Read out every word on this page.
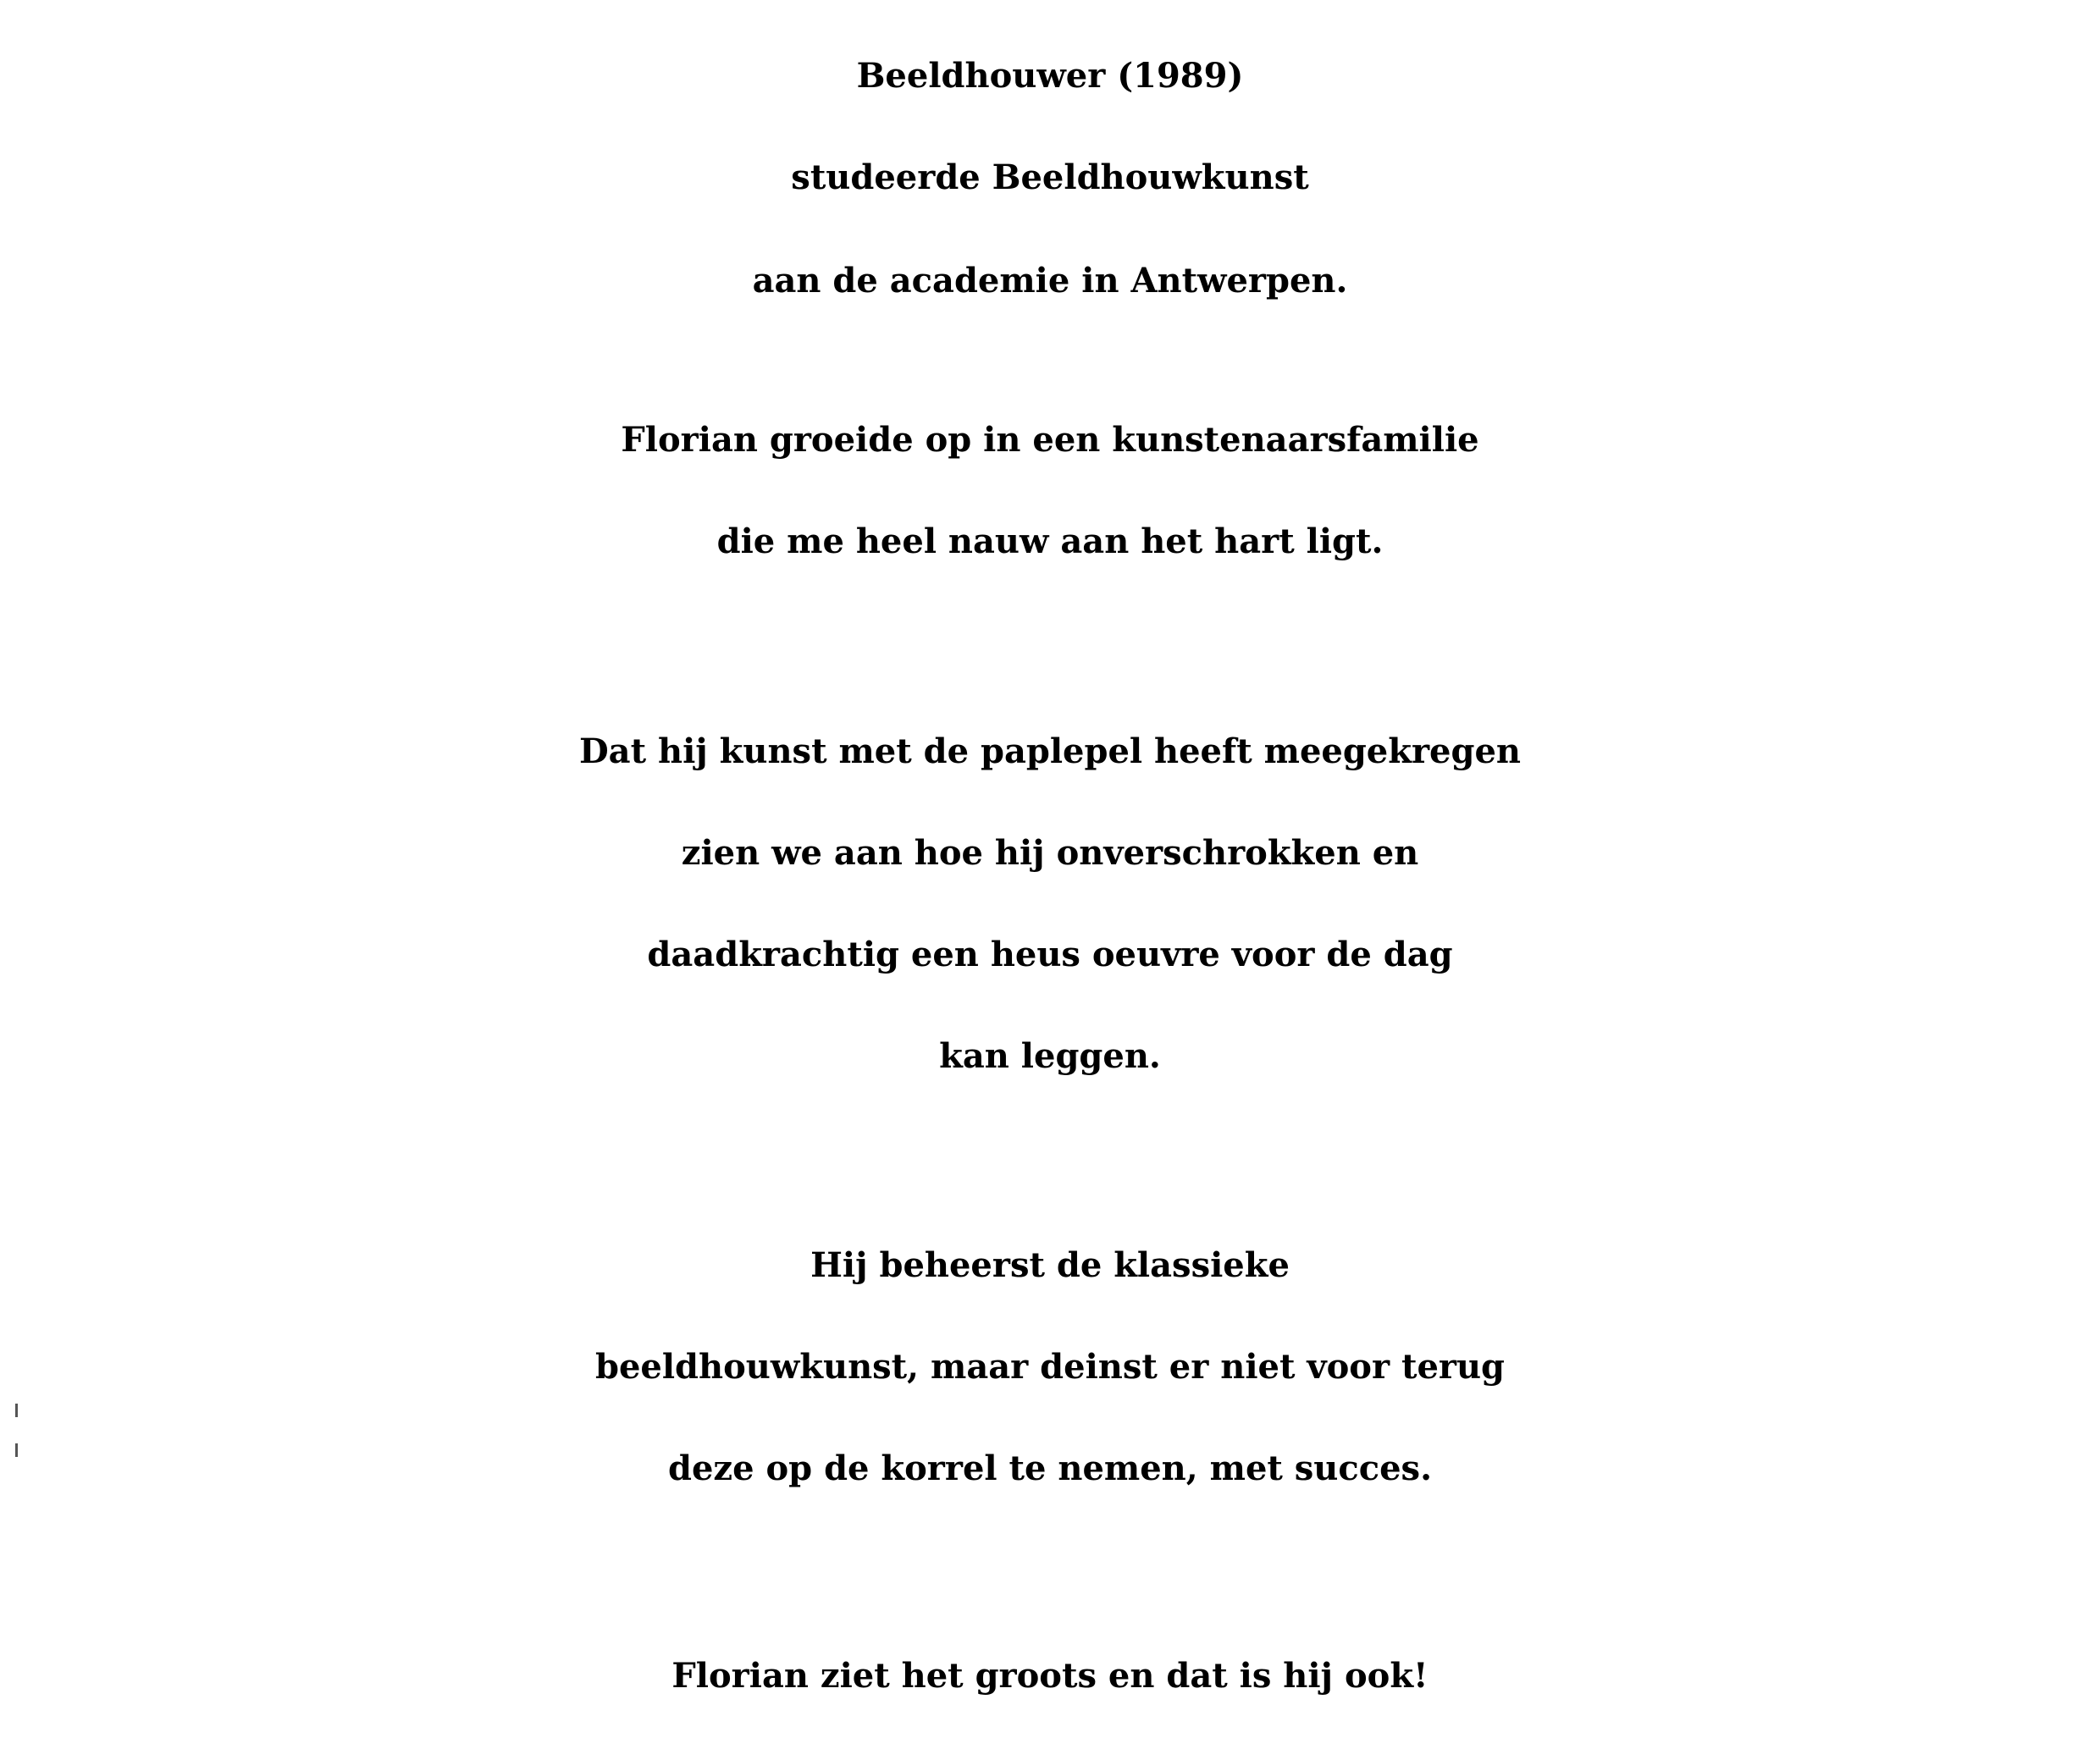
Beeldhouwer (1989)
studeerde Beeldhouwkunst
aan de academie in Antwerpen.
Florian groeide op in een kunstenaarsfamilie
die me heel nauw aan het hart ligt.
Dat hij kunst met de paplepel heeft meegekregen
zien we aan hoe hij onverschrokken en
daadkrachtig een heus oeuvre voor de dag
kan leggen.
Hij beheerst de klassieke
beeldhouwkunst, maar deinst er niet voor terug
deze op de korrel te nemen, met succes.
Florian ziet het groots en dat is hij ook!
